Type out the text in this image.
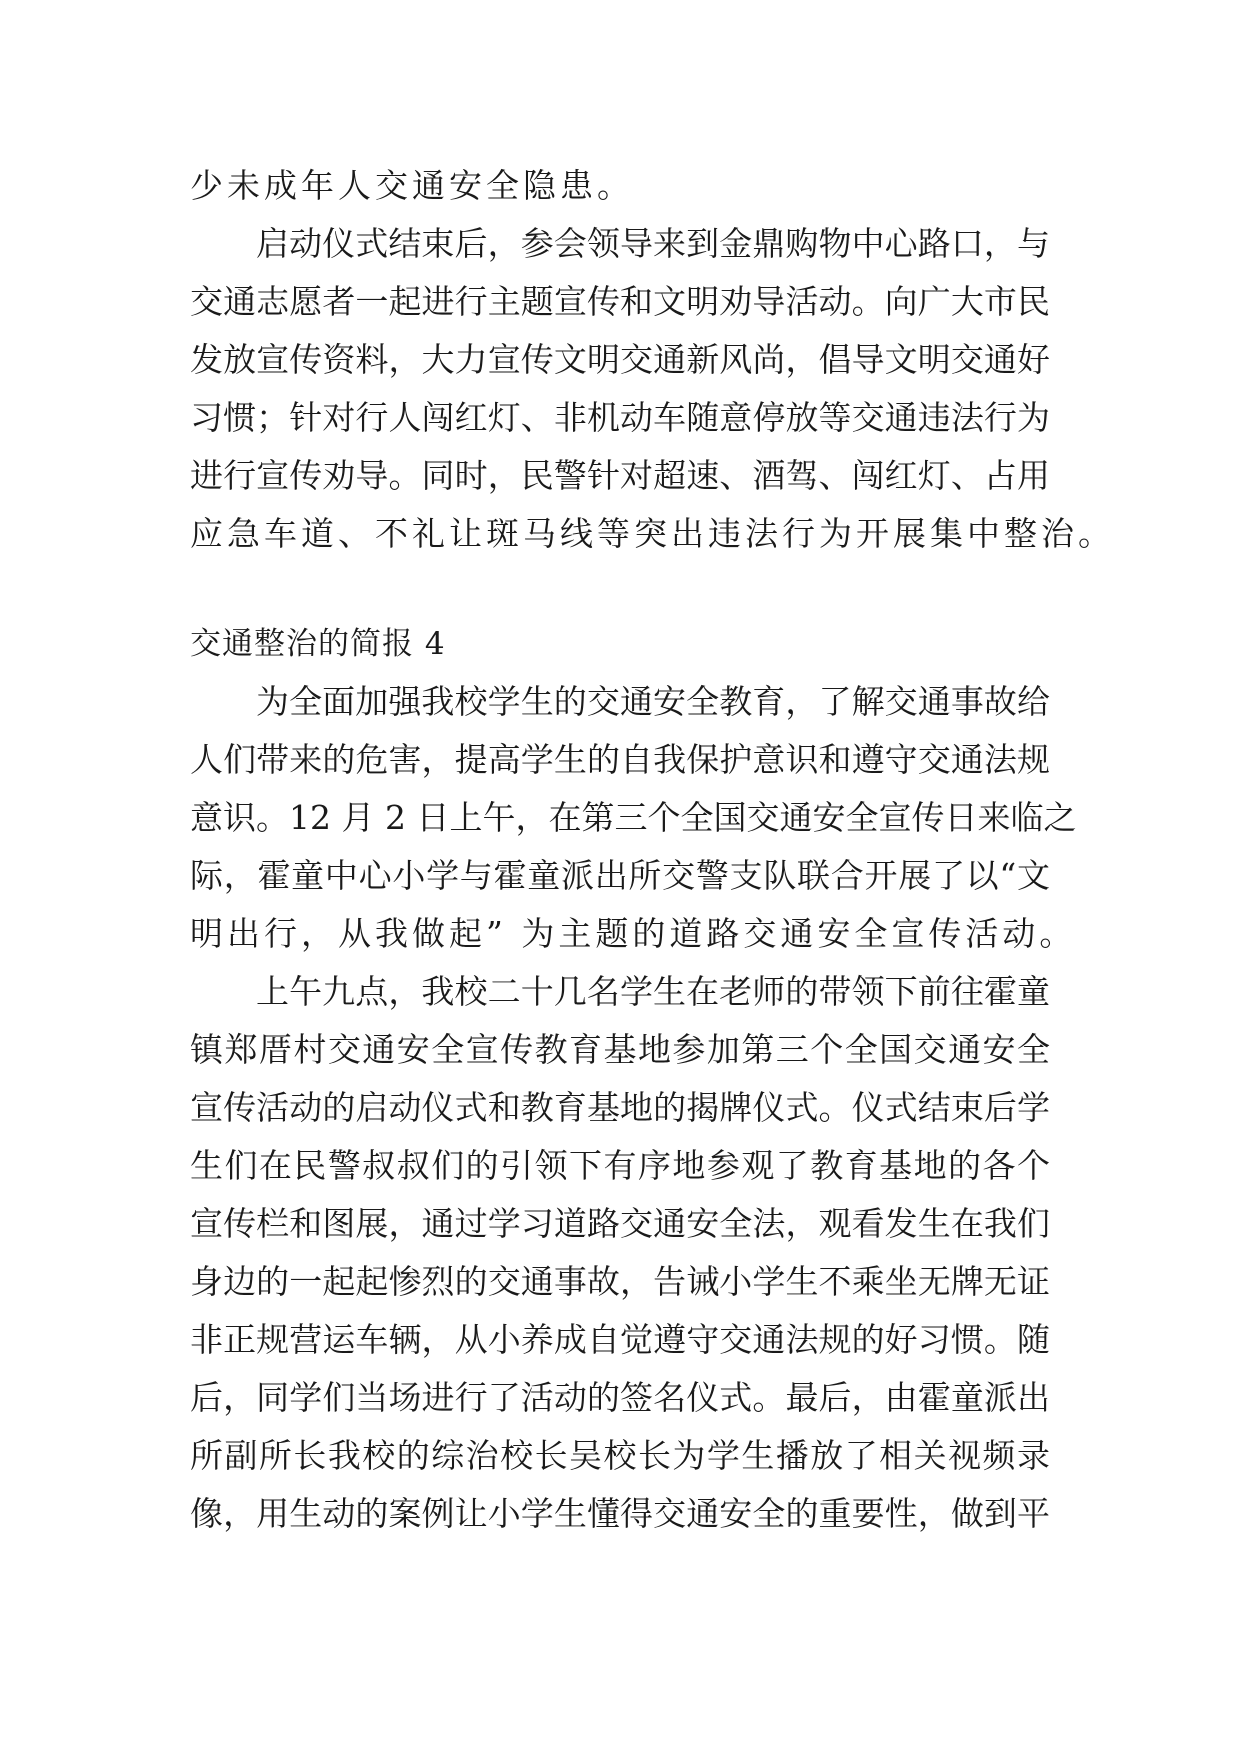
少未成年人交通安全隐患。
启动仪式结束后，参会领导来到金鼎购物中心路口，与
交通志愿者一起进行主题宣传和文明劝导活动。向广大市民
发放宣传资料，大力宣传文明交通新风尚，倡导文明交通好
习惯；针对行人闯红灯、非机动车随意停放等交通违法行为
进行宣传劝导。同时，民警针对超速、酒驾、闯红灯、占用
应急车道、不礼让斑马线等突出违法行为开展集中整治。
交通整治的简报 4
为全面加强我校学生的交通安全教育，了解交通事故给
人们带来的危害，提高学生的自我保护意识和遵守交通法规
意识。12 月 2 日上午，在第三个全国交通安全宣传日来临之
际，霍童中心小学与霍童派出所交警支队联合开展了以“文
明出行，从我做起” 为主题的道路交通安全宣传活动。
上午九点，我校二十几名学生在老师的带领下前往霍童
镇郑厝村交通安全宣传教育基地参加第三个全国交通安全
宣传活动的启动仪式和教育基地的揭牌仪式。仪式结束后学
生们在民警叔叔们的引领下有序地参观了教育基地的各个
宣传栏和图展，通过学习道路交通安全法，观看发生在我们
身边的一起起惨烈的交通事故，告诫小学生不乘坐无牌无证
非正规营运车辆，从小养成自觉遵守交通法规的好习惯。随
后，同学们当场进行了活动的签名仪式。最后，由霍童派出
所副所长我校的综治校长吴校长为学生播放了相关视频录
像，用生动的案例让小学生懂得交通安全的重要性，做到平
